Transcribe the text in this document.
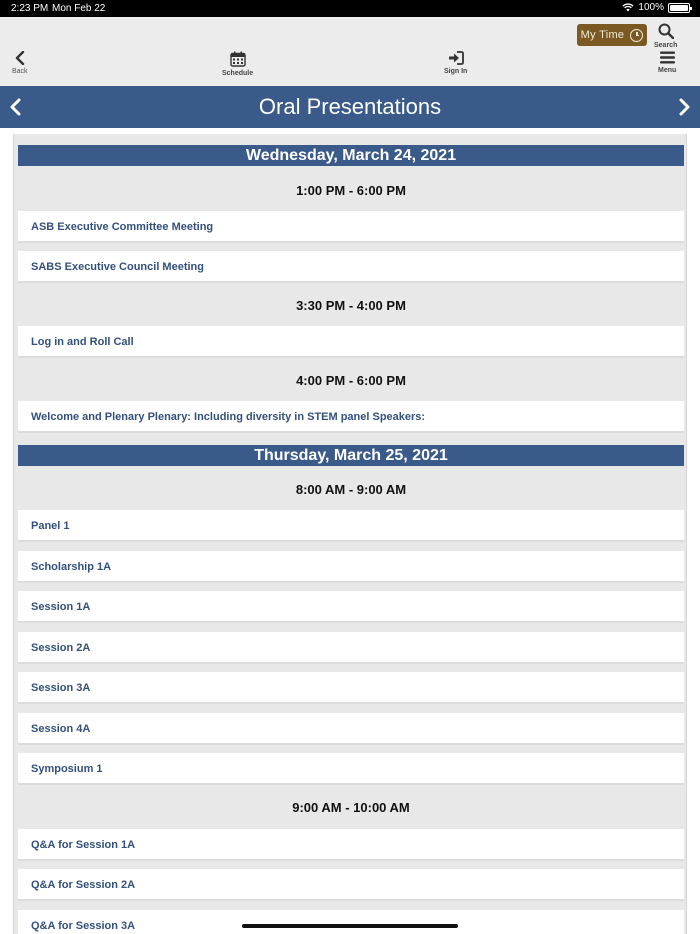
2:23 PM Mon Feb 22	100%
Back	Schedule	Sign In	Menu
Search
My Time
Oral Presentations
Wednesday, March 24, 2021
1:00 PM - 6:00 PM
ASB Executive Committee Meeting
SABS Executive Council Meeting
3:30 PM - 4:00 PM
Log in and Roll Call
4:00 PM - 6:00 PM
Welcome and Plenary Plenary: Including diversity in STEM panel Speakers:
Thursday, March 25, 2021
8:00 AM - 9:00 AM
Panel 1
Scholarship 1A
Session 1A
Session 2A
Session 3A
Session 4A
Symposium 1
9:00 AM - 10:00 AM
Q&A for Session 1A
Q&A for Session 2A
Q&A for Session 3A
